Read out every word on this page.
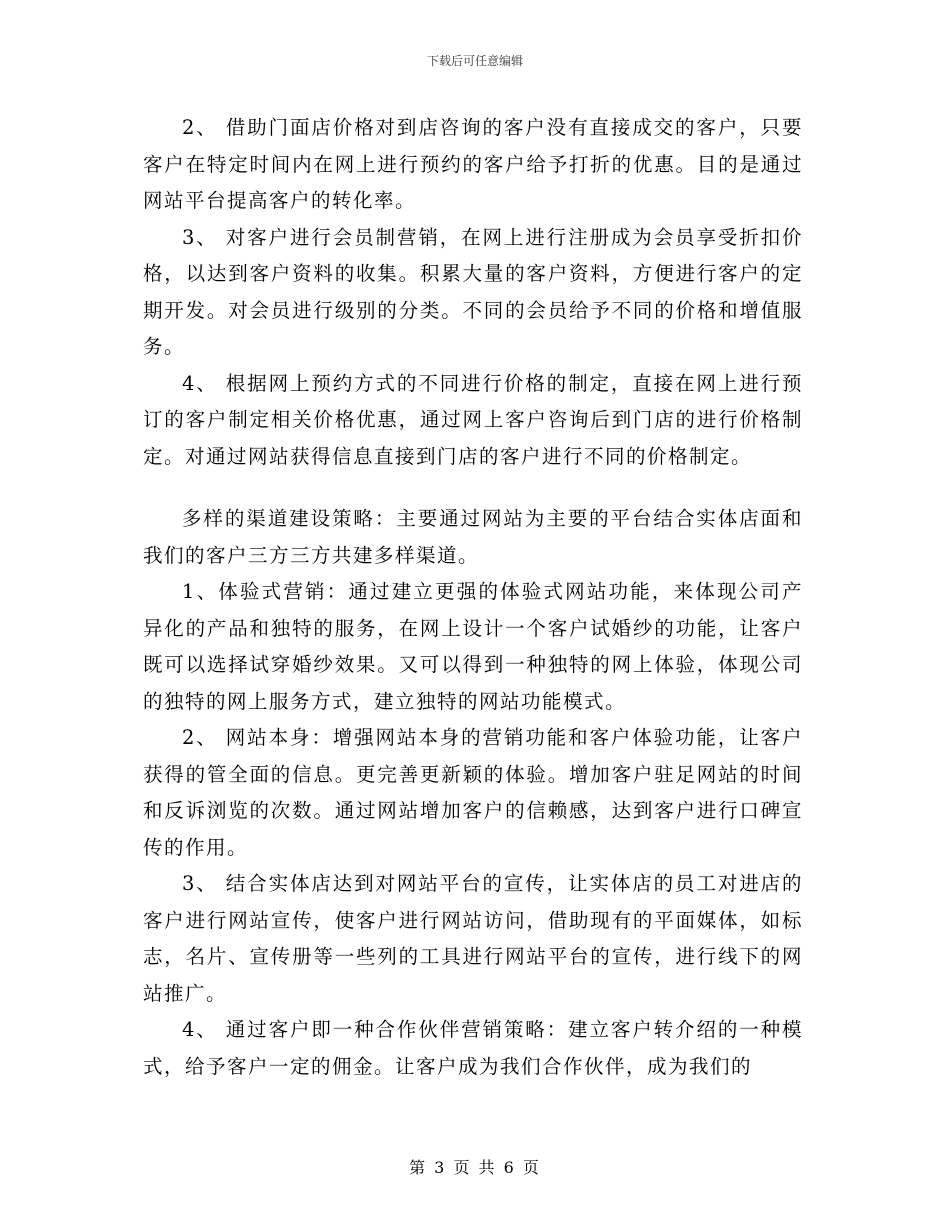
下载后可任意编辑

2、 借助门面店价格对到店咨询的客户没有直接成交的客户，只要客户在特定时间内在网上进行预约的客户给予打折的优惠。目的是通过网站平台提高客户的转化率。

3、 对客户进行会员制营销，在网上进行注册成为会员享受折扣价格，以达到客户资料的收集。积累大量的客户资料，方便进行客户的定期开发。对会员进行级别的分类。不同的会员给予不同的价格和增值服务。

4、 根据网上预约方式的不同进行价格的制定，直接在网上进行预订的客户制定相关价格优惠，通过网上客户咨询后到门店的进行价格制定。对通过网站获得信息直接到门店的客户进行不同的价格制定。

多样的渠道建设策略：主要通过网站为主要的平台结合实体店面和我们的客户三方三方共建多样渠道。

1、体验式营销：通过建立更强的体验式网站功能，来体现公司产异化的产品和独特的服务，在网上设计一个客户试婚纱的功能，让客户既可以选择试穿婚纱效果。又可以得到一种独特的网上体验，体现公司的独特的网上服务方式，建立独特的网站功能模式。

2、 网站本身：增强网站本身的营销功能和客户体验功能，让客户获得的管全面的信息。更完善更新颖的体验。增加客户驻足网站的时间和反诉浏览的次数。通过网站增加客户的信赖感，达到客户进行口碑宣传的作用。

3、 结合实体店达到对网站平台的宣传，让实体店的员工对进店的客户进行网站宣传，使客户进行网站访问，借助现有的平面媒体，如标志，名片、宣传册等一些列的工具进行网站平台的宣传，进行线下的网站推广。

4、 通过客户即一种合作伙伴营销策略：建立客户转介绍的一种模式，给予客户一定的佣金。让客户成为我们合作伙伴，成为我们的

第 3 页 共 6 页
